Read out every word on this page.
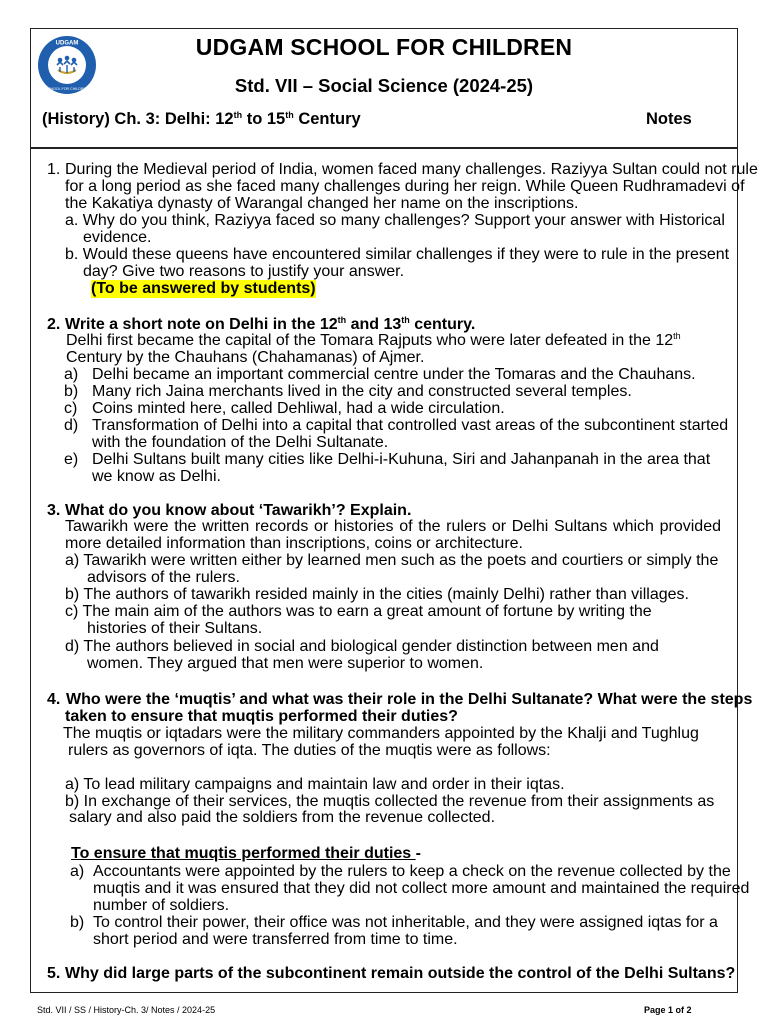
UDGAM
SCHOOL FOR CHILDREN
UDGAM SCHOOL FOR CHILDREN
Std. VII – Social Science (2024-25)
(History) Ch. 3: Delhi: 12th to 15th Century	Notes
1. During the Medieval period of India, women faced many challenges. Raziyya Sultan could not rule
for a long period as she faced many challenges during her reign. While Queen Rudhramadevi of
the Kakatiya dynasty of Warangal changed her name on the inscriptions.
a. Why do you think, Raziyya faced so many challenges? Support your answer with Historical
evidence.
b. Would these queens have encountered similar challenges if they were to rule in the present
day? Give two reasons to justify your answer.
(To be answered by students)
2. Write a short note on Delhi in the 12th and 13th century.
Delhi first became the capital of the Tomara Rajputs who were later defeated in the 12th
Century by the Chauhans (Chahamanas) of Ajmer.
a) Delhi became an important commercial centre under the Tomaras and the Chauhans.
b) Many rich Jaina merchants lived in the city and constructed several temples.
c) Coins minted here, called Dehliwal, had a wide circulation.
d) Transformation of Delhi into a capital that controlled vast areas of the subcontinent started
with the foundation of the Delhi Sultanate.
e) Delhi Sultans built many cities like Delhi-i-Kuhuna, Siri and Jahanpanah in the area that
we know as Delhi.
3. What do you know about ‘Tawarikh’? Explain.
Tawarikh were the written records or histories of the rulers or Delhi Sultans which provided
more detailed information than inscriptions, coins or architecture.
a) Tawarikh were written either by learned men such as the poets and courtiers or simply the
advisors of the rulers.
b) The authors of tawarikh resided mainly in the cities (mainly Delhi) rather than villages.
c) The main aim of the authors was to earn a great amount of fortune by writing the
histories of their Sultans.
d) The authors believed in social and biological gender distinction between men and
women. They argued that men were superior to women.
4. Who were the ‘muqtis’ and what was their role in the Delhi Sultanate? What were the steps
taken to ensure that muqtis performed their duties?
The muqtis or iqtadars were the military commanders appointed by the Khalji and Tughlug
rulers as governors of iqta. The duties of the muqtis were as follows:
a) To lead military campaigns and maintain law and order in their iqtas.
b) In exchange of their services, the muqtis collected the revenue from their assignments as
salary and also paid the soldiers from the revenue collected.
To ensure that muqtis performed their duties -
a) Accountants were appointed by the rulers to keep a check on the revenue collected by the
muqtis and it was ensured that they did not collect more amount and maintained the required
number of soldiers.
b) To control their power, their office was not inheritable, and they were assigned iqtas for a
short period and were transferred from time to time.
5. Why did large parts of the subcontinent remain outside the control of the Delhi Sultans?
Std. VII / SS / History-Ch. 3/ Notes / 2024-25	Page 1 of 2
